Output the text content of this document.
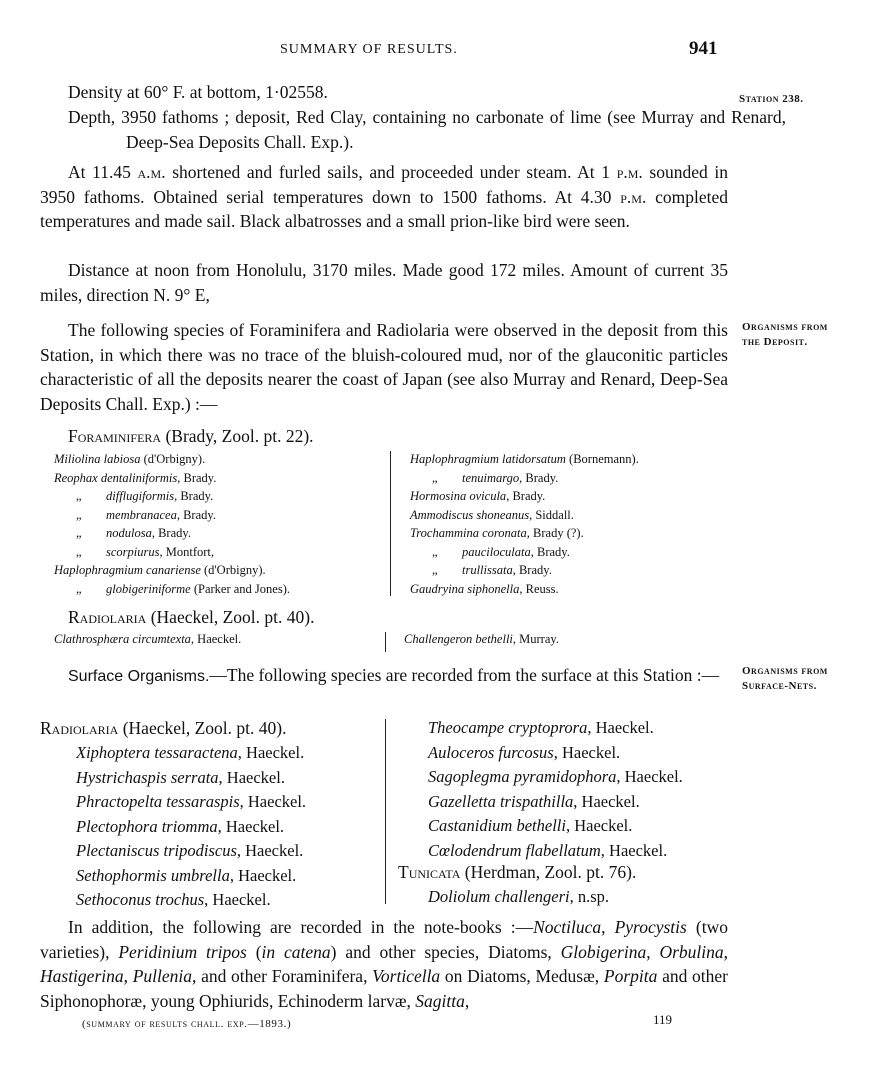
SUMMARY OF RESULTS.	941
Station 238.
Organisms from
the Deposit.
Organisms from
Surface-Nets.
Density at 60° F. at bottom, 1·02558.
Depth, 3950 fathoms ; deposit, Red Clay, containing no carbonate of lime (see Murray and Renard, Deep-Sea Deposits Chall. Exp.).
At 11.45 a.m. shortened and furled sails, and proceeded under steam. At 1 p.m. sounded in 3950 fathoms. Obtained serial temperatures down to 1500 fathoms. At 4.30 p.m. completed temperatures and made sail. Black albatrosses and a small prion-like bird were seen.
Distance at noon from Honolulu, 3170 miles. Made good 172 miles. Amount of current 35 miles, direction N. 9° E,
The following species of Foraminifera and Radiolaria were observed in the deposit from this Station, in which there was no trace of the bluish-coloured mud, nor of the glauconitic particles characteristic of all the deposits nearer the coast of Japan (see also Murray and Renard, Deep-Sea Deposits Chall. Exp.) :—
Foraminifera (Brady, Zool. pt. 22).
Miliolina labiosa (d'Orbigny).
Reophax dentaliniformis, Brady.
„ difflugiformis, Brady.
„ membranacea, Brady.
„ nodulosa, Brady.
„ scorpiurus, Montfort,
Haplophragmium canariense (d'Orbigny).
„ globigeriniforme (Parker and Jones).
Haplophragmium latidorsatum (Bornemann).
„ tenuimargo, Brady.
Hormosina ovicula, Brady.
Ammodiscus shoneanus, Siddall.
Trochammina coronata, Brady (?).
„ pauciloculata, Brady.
„ trullissata, Brady.
Gaudryina siphonella, Reuss.
Radiolaria (Haeckel, Zool. pt. 40).
Clathrosphæra circumtexta, Haeckel.	Challengeron bethelli, Murray.
Surface Organisms.—The following species are recorded from the surface at this Station :—
Radiolaria (Haeckel, Zool. pt. 40).
Xiphoptera tessaractena, Haeckel.
Hystrichaspis serrata, Haeckel.
Phractopelta tessaraspis, Haeckel.
Plectophora triomma, Haeckel.
Plectaniscus tripodiscus, Haeckel.
Sethophormis umbrella, Haeckel.
Sethoconus trochus, Haeckel.
Theocampe cryptoprora, Haeckel.
Auloceros furcosus, Haeckel.
Sagoplegma pyramidophora, Haeckel.
Gazelletta trispathilla, Haeckel.
Castanidium bethelli, Haeckel.
Cœlodendrum flabellatum, Haeckel.
Tunicata (Herdman, Zool. pt. 76).
Doliolum challengeri, n.sp.
In addition, the following are recorded in the note-books :—Noctiluca, Pyrocystis (two varieties), Peridinium tripos (in catena) and other species, Diatoms, Globigerina, Orbulina, Hastigerina, Pullenia, and other Foraminifera, Vorticella on Diatoms, Medusæ, Porpita and other Siphonophoræ, young Ophiurids, Echinoderm larvæ, Sagitta,
(summary of results chall. exp.—1893.)	119
